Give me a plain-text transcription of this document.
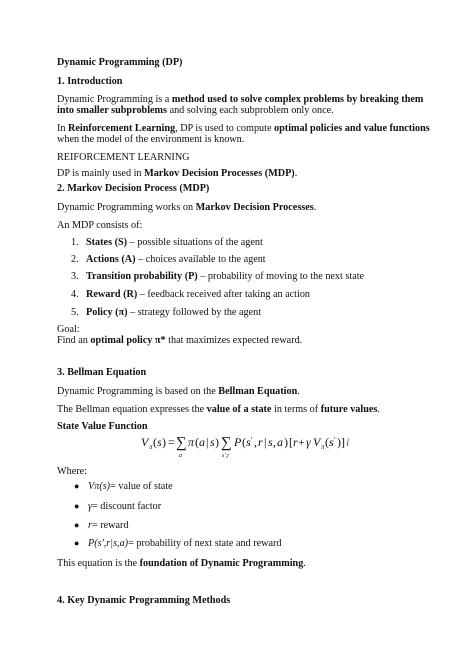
Dynamic Programming (DP)
1. Introduction
Dynamic Programming is a method used to solve complex problems by breaking them
into smaller subproblems and solving each subproblem only once.
In Reinforcement Learning, DP is used to compute optimal policies and value functions
when the model of the environment is known.
REIFORCEMENT LEARNING
DP is mainly used in Markov Decision Processes (MDP).
2. Markov Decision Process (MDP)
Dynamic Programming works on Markov Decision Processes.
An MDP consists of:
1. States (S) – possible situations of the agent
2. Actions (A) – choices available to the agent
3. Transition probability (P) – probability of moving to the next state
4. Reward (R) – feedback received after taking an action
5. Policy (π) – strategy followed by the agent
Goal:
Find an optimal policy π* that maximizes expected reward.
3. Bellman Equation
Dynamic Programming is based on the Bellman Equation.
The Bellman equation expresses the value of a state in terms of future values.
State Value Function
V π ( s ) = ∑
a
π ( a | s ) ∑
s',r
P ( s ' , r | s , a ) [ r + γ V π ( s ' ) ] i
Where:
● Vπ(s)= value of state
● γ= discount factor
● r= reward
● P(s',r|s,a)= probability of next state and reward
This equation is the foundation of Dynamic Programming.
4. Key Dynamic Programming Methods
